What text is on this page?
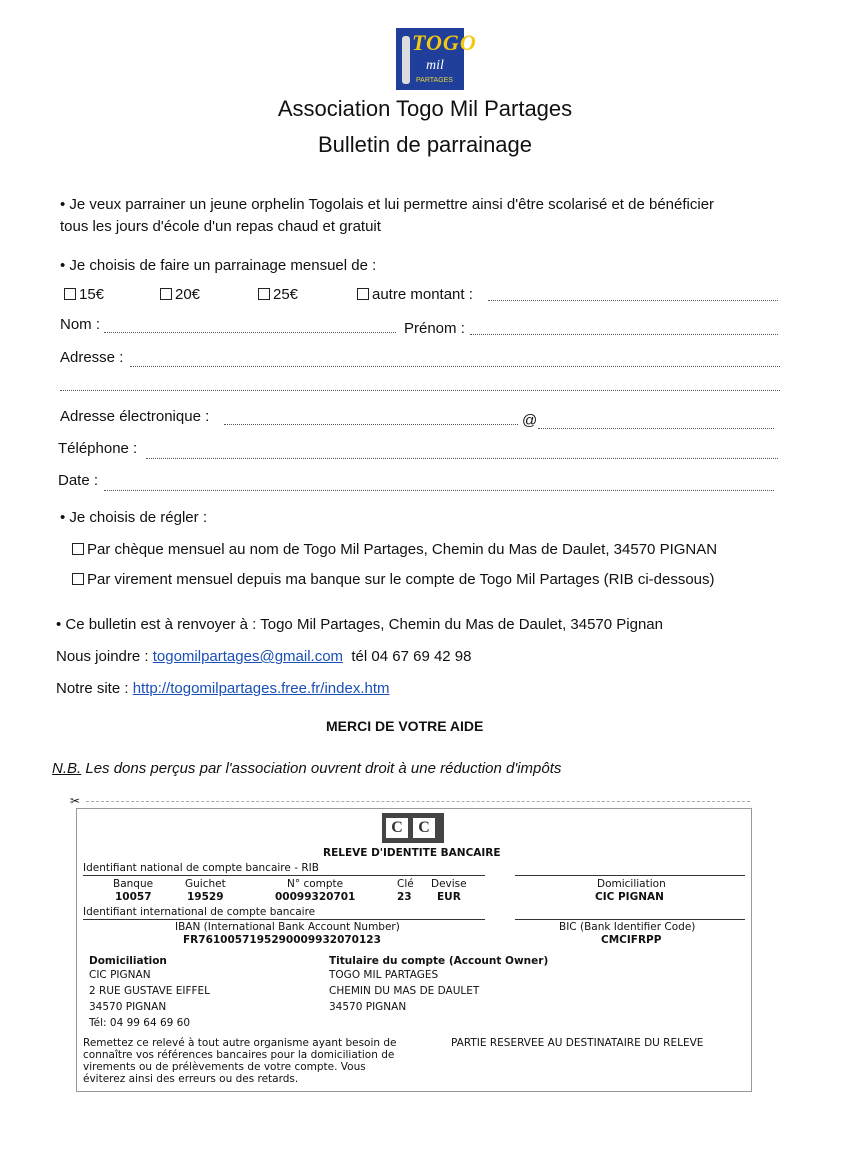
TOGO
mil
PARTAGES
Association Togo Mil Partages
Bulletin de parrainage
• Je veux parrainer un jeune orphelin Togolais et lui permettre ainsi d'être scolarisé et de bénéficier
tous les jours d'école d'un repas chaud et gratuit
• Je choisis de faire un parrainage mensuel de :
15€	20€	25€	autre montant :
Nom :	Prénom :
Adresse :
Adresse électronique :	@
Téléphone :
Date :
• Je choisis de régler :
Par chèque mensuel au nom de Togo Mil Partages, Chemin du Mas de Daulet, 34570 PIGNAN
Par virement mensuel depuis ma banque sur le compte de Togo Mil Partages (RIB ci-dessous)
• Ce bulletin est à renvoyer à : Togo Mil Partages, Chemin du Mas de Daulet, 34570 Pignan
Nous joindre : togomilpartages@gmail.com tél 04 67 69 42 98
Notre site : http://togomilpartages.free.fr/index.htm
MERCI DE VOTRE AIDE
N.B. Les dons perçus par l'association ouvrent droit à une réduction d'impôts
✂
C C
RELEVE D'IDENTITE BANCAIRE
Identifiant national de compte bancaire - RIB
Banque	Guichet	N° compte	Clé Devise	Domiciliation
10057	19529	00099320701	23 EUR	CIC PIGNAN
Identifiant international de compte bancaire
IBAN (International Bank Account Number)
FR7610057195290009932070123
BIC (Bank Identifier Code)
CMCIFRPP
Domiciliation
CIC PIGNAN
2 RUE GUSTAVE EIFFEL
34570 PIGNAN
Tél: 04 99 64 69 60
Titulaire du compte (Account Owner)
TOGO MIL PARTAGES
CHEMIN DU MAS DE DAULET
34570 PIGNAN
Remettez ce relevé à tout autre organisme ayant besoin de
connaître vos références bancaires pour la domiciliation de
virements ou de prélèvements de votre compte. Vous
éviterez ainsi des erreurs ou des retards.
PARTIE RESERVEE AU DESTINATAIRE DU RELEVE
